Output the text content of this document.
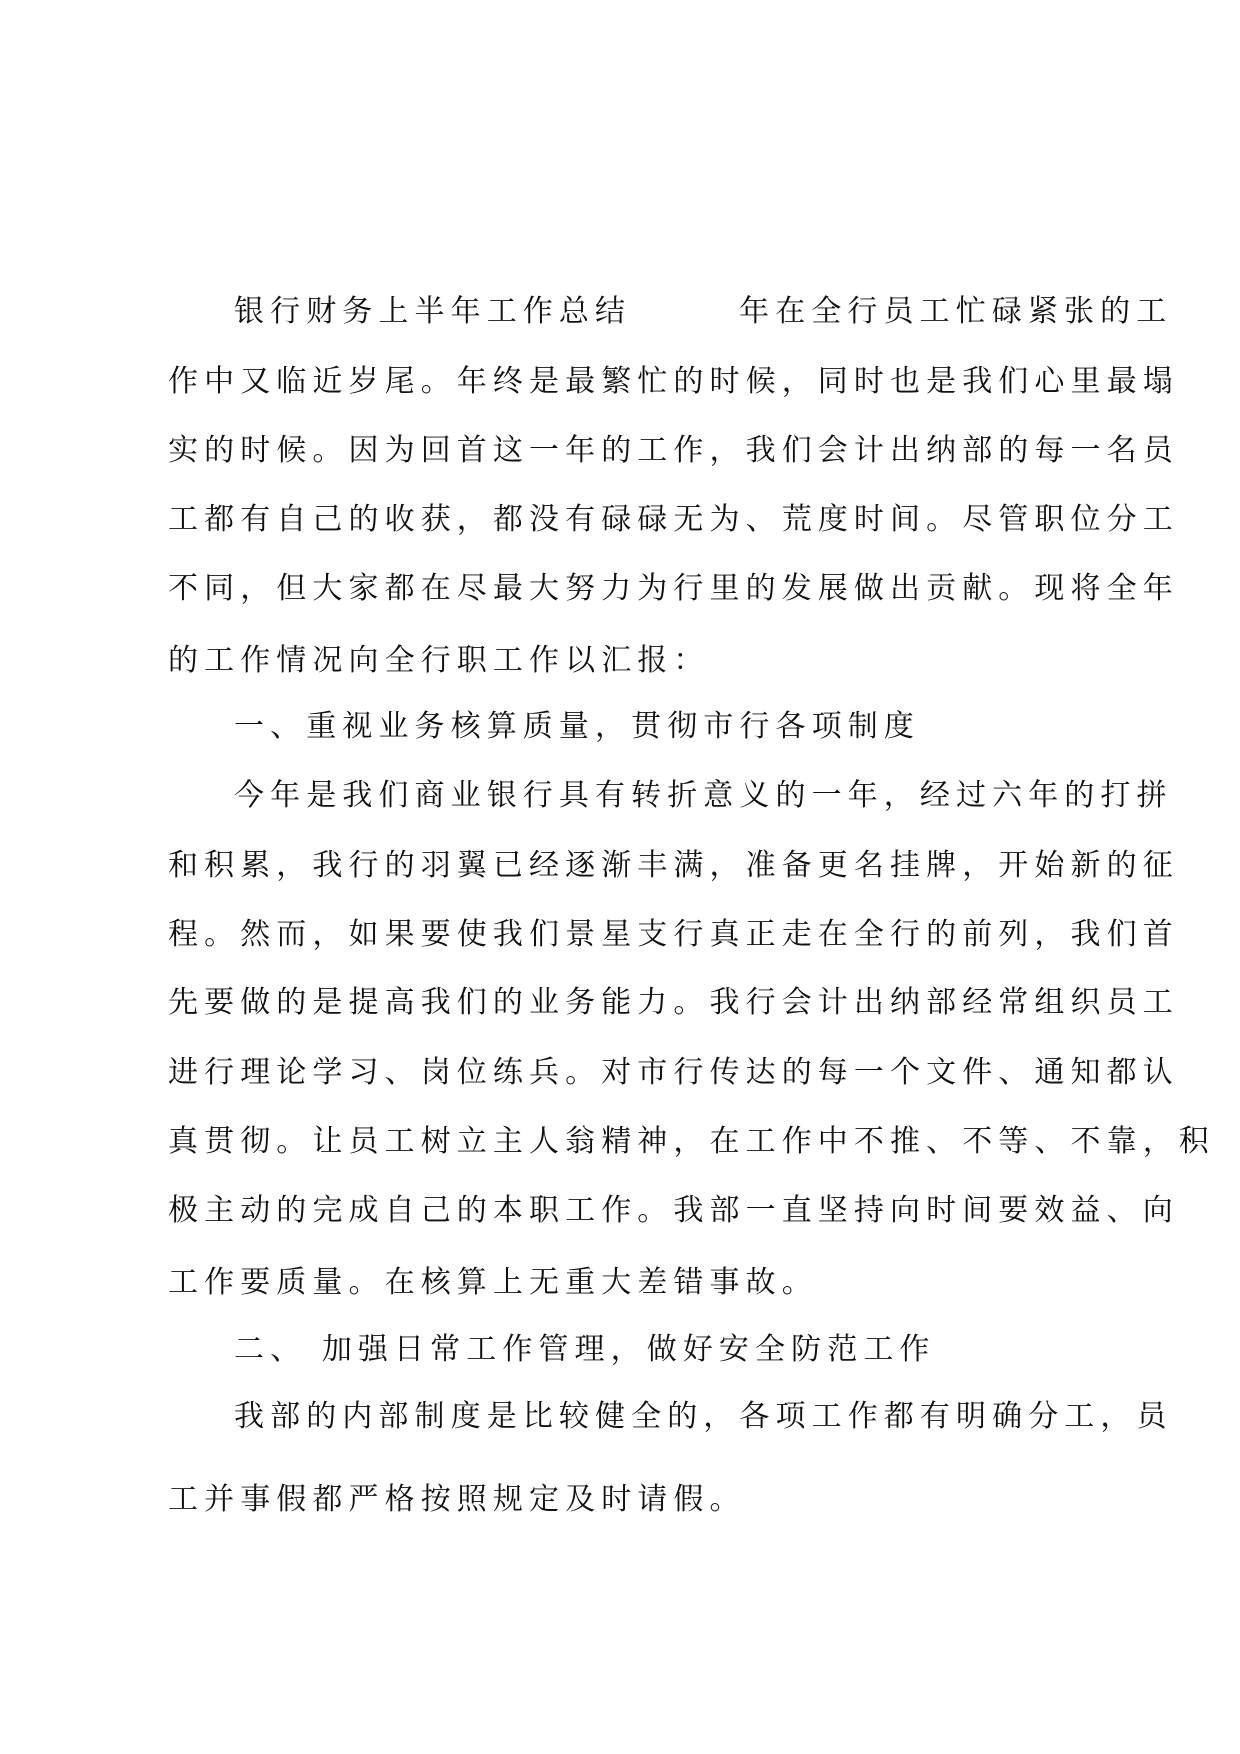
银行财务上半年工作总结	年在全行员工忙碌紧张的工
作中又临近岁尾。年终是最繁忙的时候，同时也是我们心里最塌
实的时候。因为回首这一年的工作，我们会计出纳部的每一名员
工都有自己的收获，都没有碌碌无为、荒度时间。尽管职位分工
不同，但大家都在尽最大努力为行里的发展做出贡献。现将全年
的工作情况向全行职工作以汇报：
一、重视业务核算质量，贯彻市行各项制度
今年是我们商业银行具有转折意义的一年，经过六年的打拼
和积累，我行的羽翼已经逐渐丰满，准备更名挂牌，开始新的征
程。然而，如果要使我们景星支行真正走在全行的前列，我们首
先要做的是提高我们的业务能力。我行会计出纳部经常组织员工
进行理论学习、岗位练兵。对市行传达的每一个文件、通知都认
真贯彻。让员工树立主人翁精神，在工作中不推、不等、不靠，积
极主动的完成自己的本职工作。我部一直坚持向时间要效益、向
工作要质量。在核算上无重大差错事故。
二、 加强日常工作管理，做好安全防范工作
我部的内部制度是比较健全的，各项工作都有明确分工，员
工并事假都严格按照规定及时请假。
